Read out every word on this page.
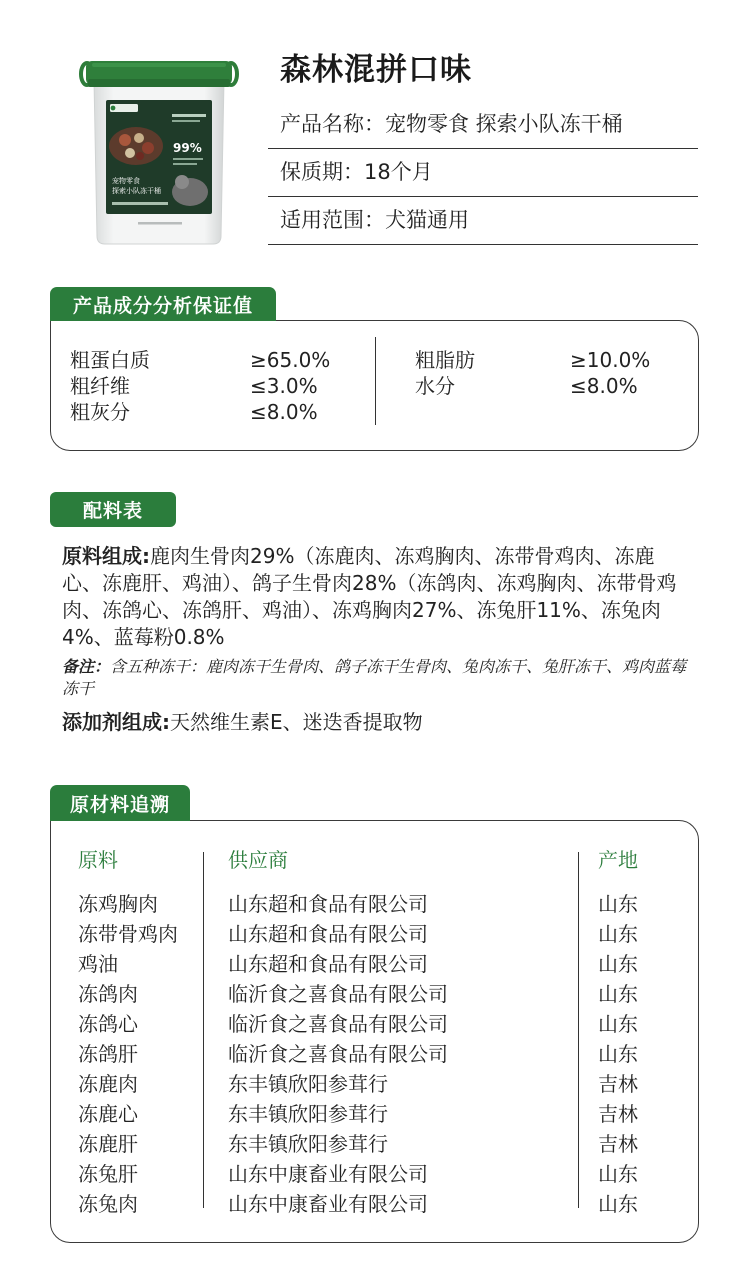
99%
宠物零食
探索小队冻干桶
森林混拼口味
产品名称：宠物零食 探索小队冻干桶
保质期：18个月
适用范围：犬猫通用
产品成分分析保证值
粗蛋白质	≥65.0%
粗纤维	≤3.0%
粗灰分	≤8.0%
粗脂肪	≥10.0%
水分	≤8.0%
配料表
原料组成:鹿肉生骨肉29%（冻鹿肉、冻鸡胸肉、冻带骨鸡肉、冻鹿心、冻鹿肝、鸡油）、鸽子生骨肉28%（冻鸽肉、冻鸡胸肉、冻带骨鸡肉、冻鸽心、冻鸽肝、鸡油）、冻鸡胸肉27%、冻兔肝11%、冻兔肉4%、蓝莓粉0.8%
备注：含五种冻干：鹿肉冻干生骨肉、鸽子冻干生骨肉、兔肉冻干、兔肝冻干、鸡肉蓝莓冻干
添加剂组成:天然维生素E、迷迭香提取物
原材料追溯
原料	供应商	产地
冻鸡胸肉	山东超和食品有限公司	山东
冻带骨鸡肉	山东超和食品有限公司	山东
鸡油	山东超和食品有限公司	山东
冻鸽肉	临沂食之喜食品有限公司	山东
冻鸽心	临沂食之喜食品有限公司	山东
冻鸽肝	临沂食之喜食品有限公司	山东
冻鹿肉	东丰镇欣阳参茸行	吉林
冻鹿心	东丰镇欣阳参茸行	吉林
冻鹿肝	东丰镇欣阳参茸行	吉林
冻兔肝	山东中康畜业有限公司	山东
冻兔肉	山东中康畜业有限公司	山东
